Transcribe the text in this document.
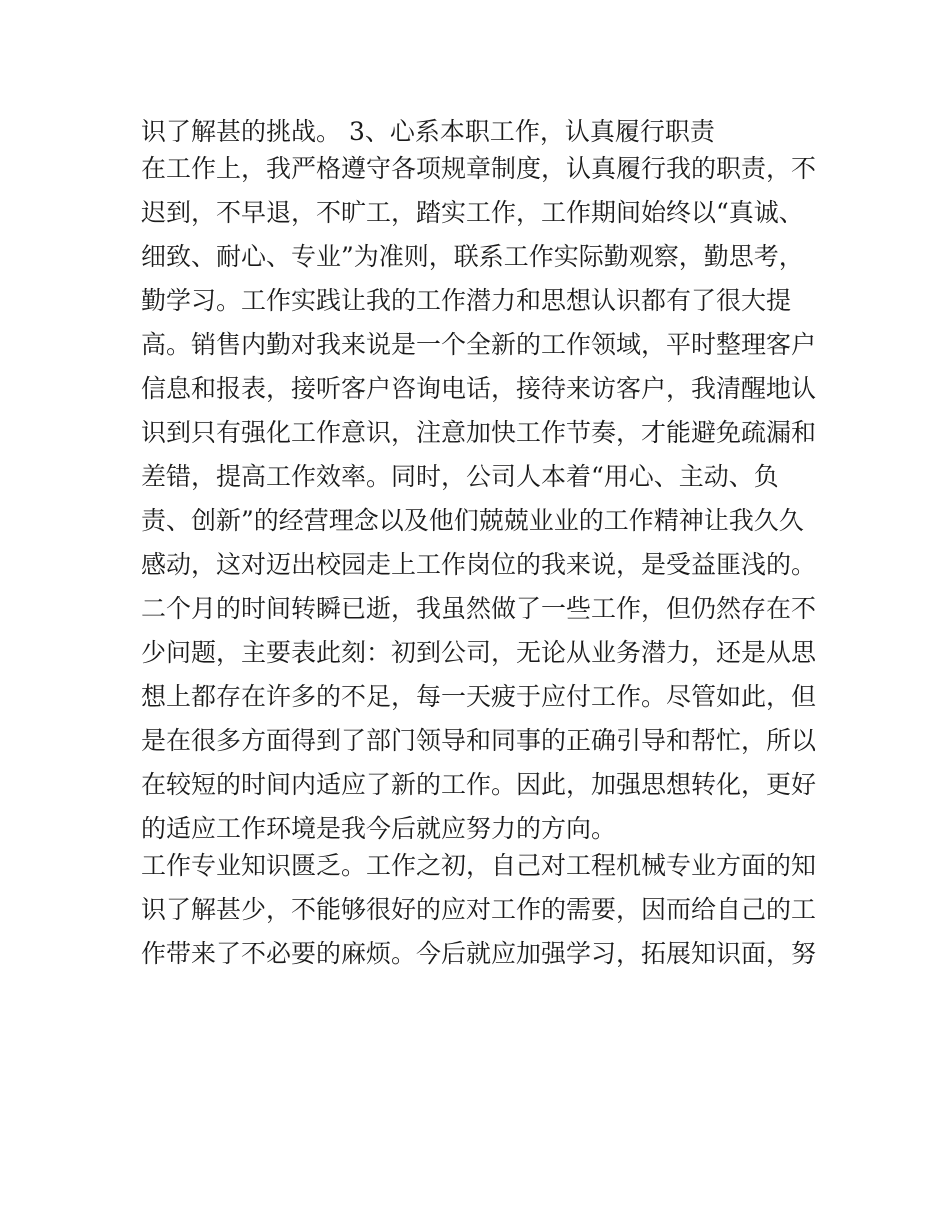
识了解甚的挑战。 3、心系本职工作，认真履行职责

在工作上，我严格遵守各项规章制度，认真履行我的职责，不

迟到，不早退，不旷工，踏实工作，工作期间始终以“真诚、

细致、耐心、专业”为准则，联系工作实际勤观察，勤思考，

勤学习。工作实践让我的工作潜力和思想认识都有了很大提

高。销售内勤对我来说是一个全新的工作领域，平时整理客户

信息和报表，接听客户咨询电话，接待来访客户，我清醒地认

识到只有强化工作意识，注意加快工作节奏，才能避免疏漏和

差错，提高工作效率。同时，公司人本着“用心、主动、负

责、创新”的经营理念以及他们兢兢业业的工作精神让我久久

感动，这对迈出校园走上工作岗位的我来说，是受益匪浅的。

二个月的时间转瞬已逝，我虽然做了一些工作，但仍然存在不

少问题，主要表此刻：初到公司，无论从业务潜力，还是从思

想上都存在许多的不足，每一天疲于应付工作。尽管如此，但

是在很多方面得到了部门领导和同事的正确引导和帮忙，所以

在较短的时间内适应了新的工作。因此，加强思想转化，更好

的适应工作环境是我今后就应努力的方向。

工作专业知识匮乏。工作之初，自己对工程机械专业方面的知

识了解甚少，不能够很好的应对工作的需要，因而给自己的工

作带来了不必要的麻烦。今后就应加强学习，拓展知识面，努
